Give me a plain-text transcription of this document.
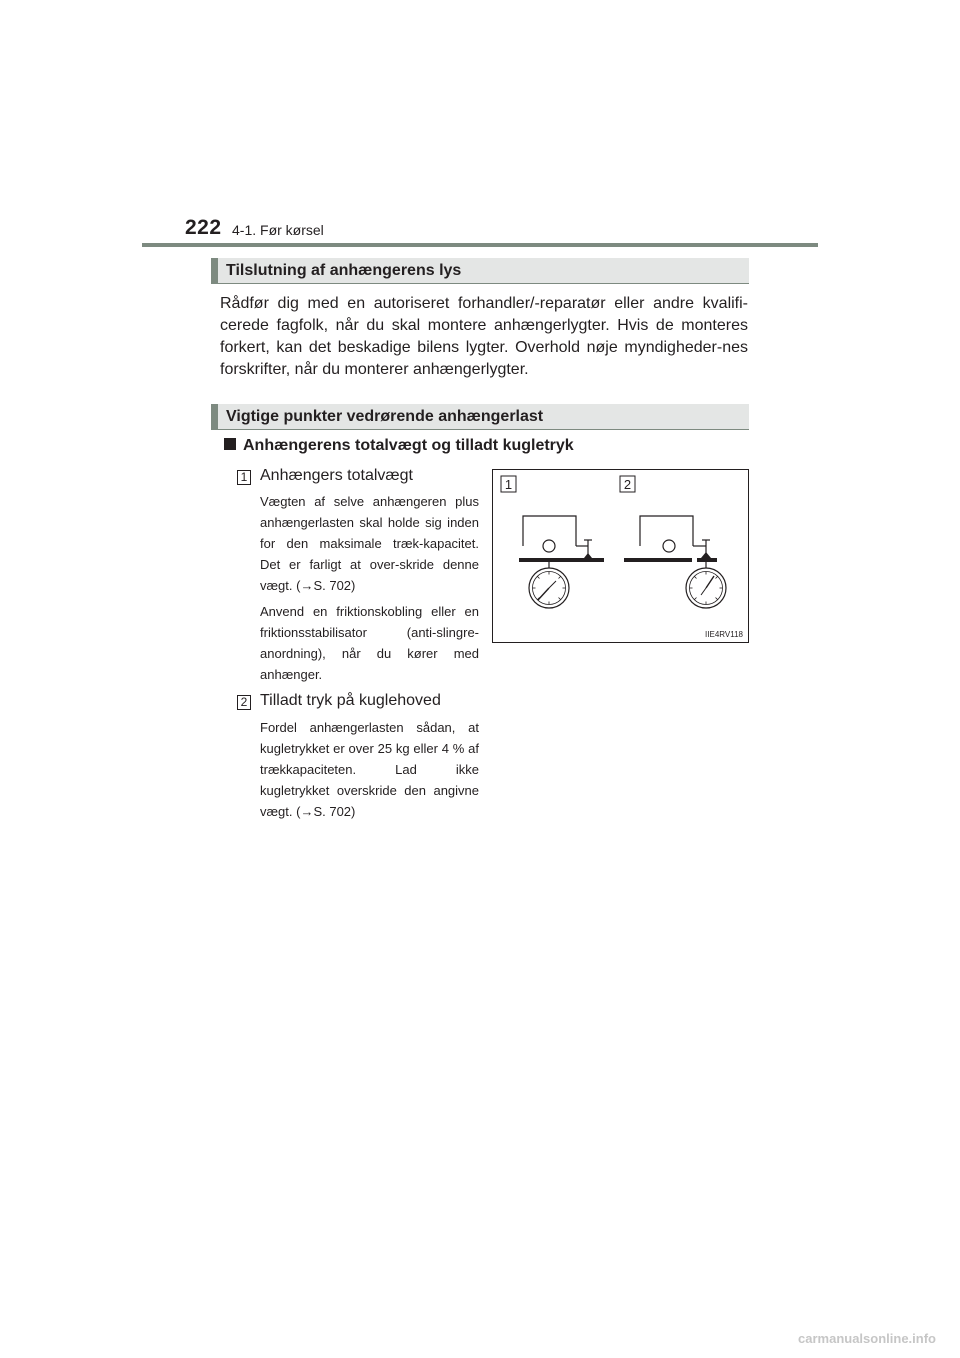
222 4-1. Før kørsel
Tilslutning af anhængerens lys

Rådfør dig med en autoriseret forhandler/-reparatør eller andre kvalifi-cerede fagfolk, når du skal montere anhængerlygter. Hvis de monteres forkert, kan det beskadige bilens lygter. Overhold nøje myndigheder-nes forskrifter, når du monterer anhængerlygter.

Vigtige punkter vedrørende anhængerlast
Anhængerens totalvægt og tilladt kugletryk
1 Anhængers totalvægt

Vægten af selve anhængeren plus anhængerlasten skal holde sig inden for den maksimale træk-kapacitet. Det er farligt at over-skride denne vægt. (→S. 702)

Anvend en friktionskobling eller en friktionsstabilisator (anti-slingre-anordning), når du kører med anhænger.

2 Tilladt tryk på kuglehoved

Fordel anhængerlasten sådan, at kugletrykket er over 25 kg eller 4 % af trækkapaciteten. Lad ikke kugletrykket overskride den angivne vægt. (→S. 702)

1	2
IIE4RV118
carmanualsonline.info
